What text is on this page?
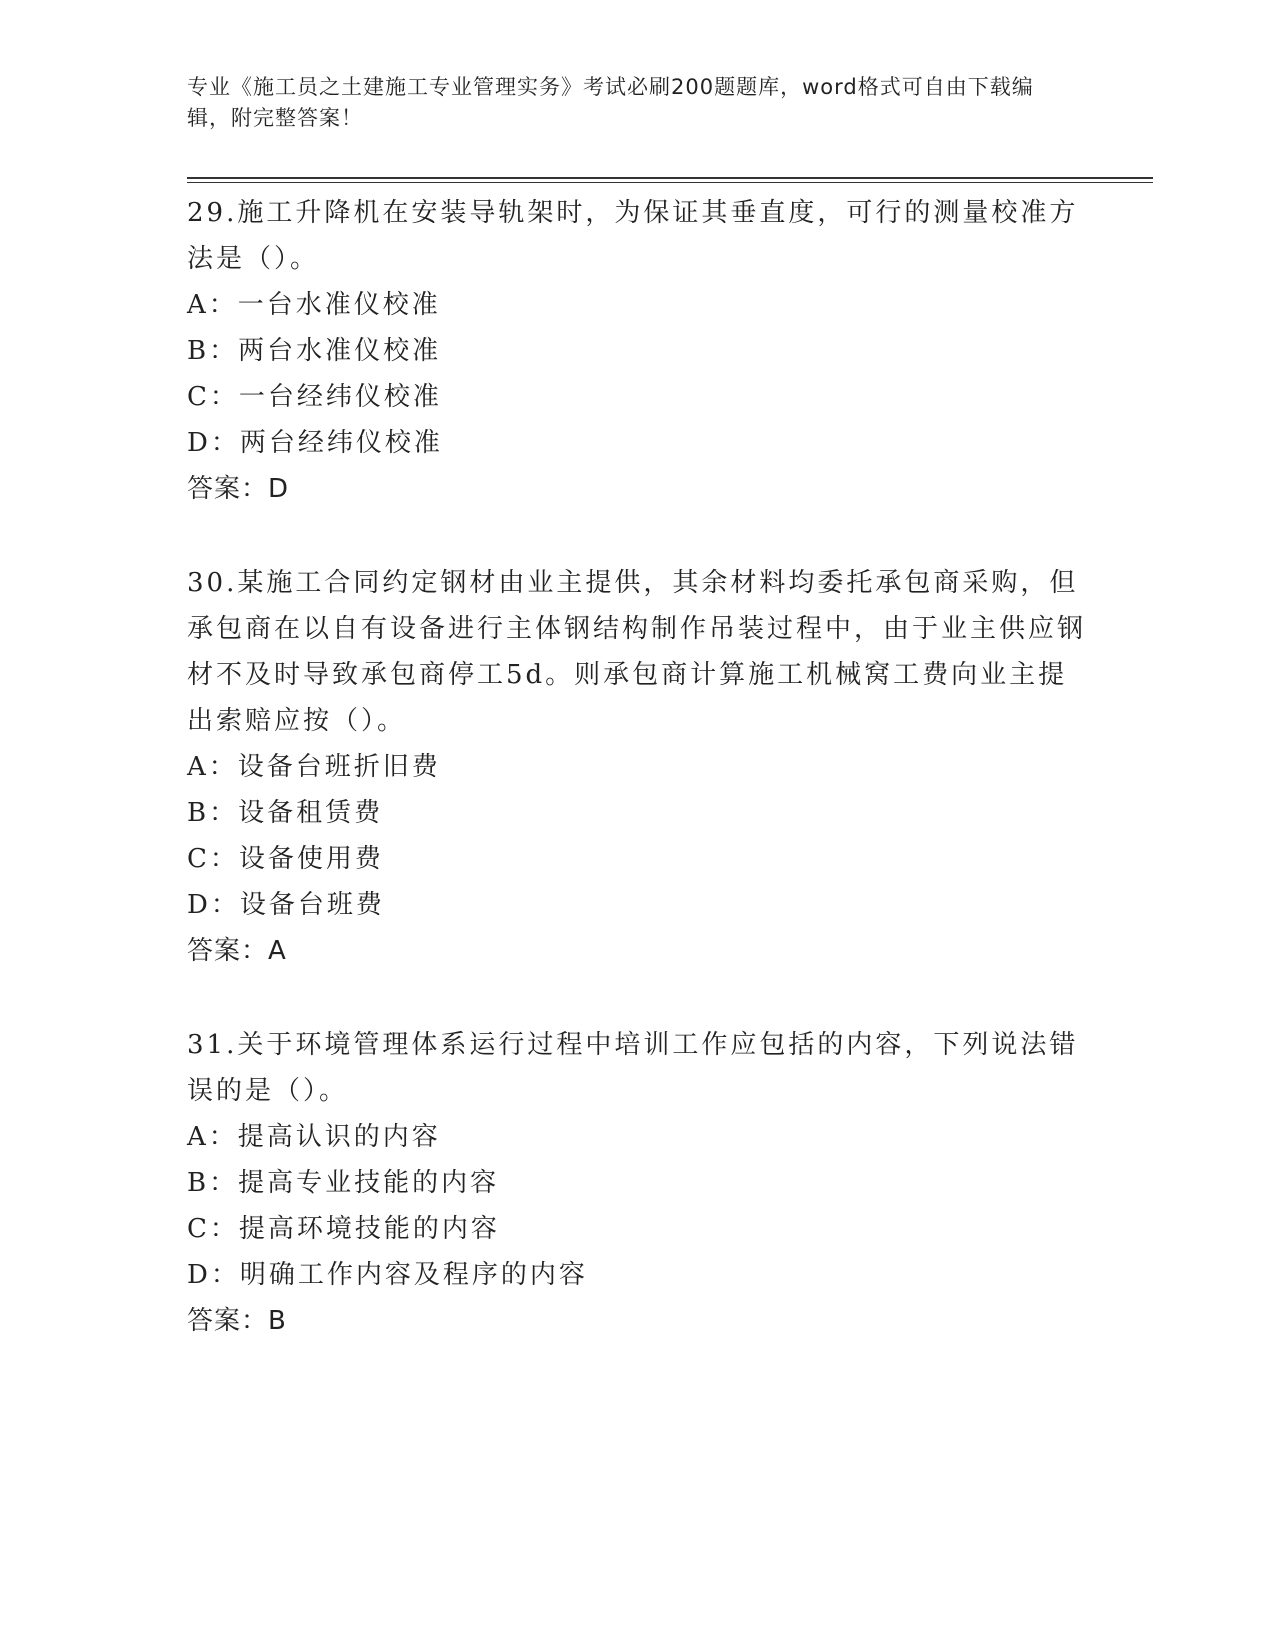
专业《施工员之土建施工专业管理实务》考试必刷200题题库，word格式可自由下载编辑，附完整答案！

29.施工升降机在安装导轨架时，为保证其垂直度，可行的测量校准方法是（）。

A：一台水准仪校准

B：两台水准仪校准

C：一台经纬仪校准

D：两台经纬仪校准

答案：D

30.某施工合同约定钢材由业主提供，其余材料均委托承包商采购，但承包商在以自有设备进行主体钢结构制作吊装过程中，由于业主供应钢材不及时导致承包商停工5d。则承包商计算施工机械窝工费向业主提出索赔应按（）。

A：设备台班折旧费

B：设备租赁费

C：设备使用费

D：设备台班费

答案：A

31.关于环境管理体系运行过程中培训工作应包括的内容，下列说法错误的是（）。

A：提高认识的内容

B：提高专业技能的内容

C：提高环境技能的内容

D：明确工作内容及程序的内容

答案：B
